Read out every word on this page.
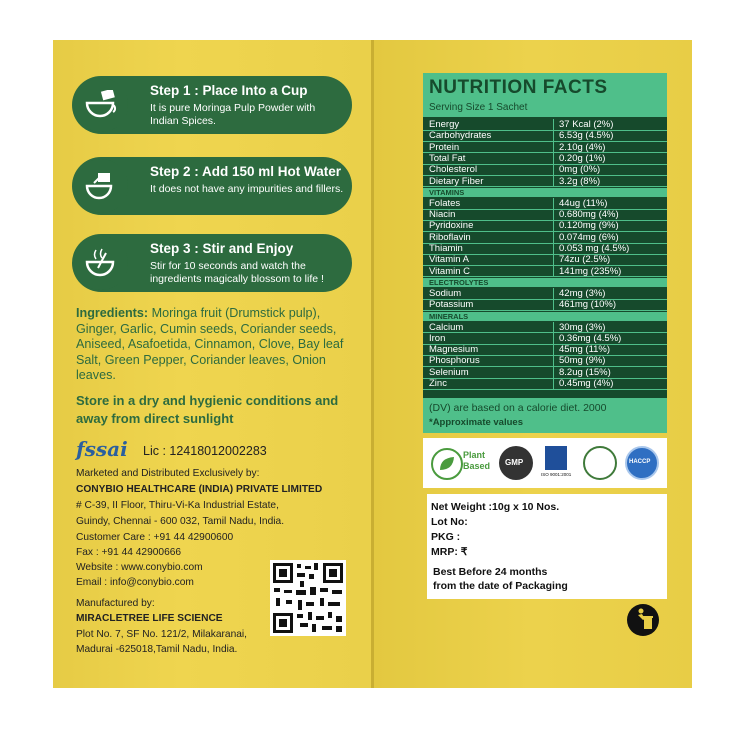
Step 1 : Place Into a Cup
It is pure Moringa Pulp Powder with Indian Spices.
Step 2 : Add 150 ml Hot Water
It does not have any impurities and fillers.
Step 3 : Stir and Enjoy
Stir for 10 seconds and watch the ingredients magically blossom to life !
Ingredients: Moringa fruit (Drumstick pulp), Ginger, Garlic, Cumin seeds, Coriander seeds, Aniseed, Asafoetida, Cinnamon, Clove, Bay leaf Salt, Green Pepper, Coriander leaves, Onion leaves.
Store in a dry and hygienic conditions and away from direct sunlight
fssai Lic : 12418012002283
Marketed and Distributed Exclusively by:
CONYBIO HEALTHCARE (INDIA) PRIVATE LIMITED
# C-39, II Floor, Thiru-Vi-Ka Industrial Estate,
Guindy, Chennai - 600 032, Tamil Nadu, India.
Customer Care : +91 44 42900600
Fax : +91 44 42900666
Website : www.conybio.com
Email : info@conybio.com
Manufactured by:
MIRACLETREE LIFE SCIENCE
Plot No. 7, SF No. 121/2, Milakaranai,
Madurai -625018,Tamil Nadu, India.
NUTRITION FACTS
Serving Size 1 Sachet
Energy	37 Kcal (2%)
Carbohydrates	6.53g (4.5%)
Protein	2.10g (4%)
Total Fat	0.20g (1%)
Cholesterol	0mg (0%)
Dietary Fiber	3.2g (8%)
VITAMINS
Folates	44ug (11%)
Niacin	0.680mg (4%)
Pyridoxine	0.120mg (9%)
Riboflavin	0.074mg (6%)
Thiamin	0.053 mg (4.5%)
Vitamin A	74zu (2.5%)
Vitamin C	141mg (235%)
ELECTROLYTES
Sodium	42mg (3%)
Potassium	461mg (10%)
MINERALS
Calcium	30mg (3%)
Iron	0.36mg (4.5%)
Magnesium	45mg (11%)
Phosphorus	50mg (9%)
Selenium	8.2ug (15%)
Zinc	0.45mg (4%)
(DV) are based on a calorie diet. 2000
*Approximate values
Plant Based	GMP
ISO 9001:2001
HACCP
Net Weight :10g x 10 Nos.
Lot No:
PKG :
MRP: ₹
Best Before 24 months
from the date of Packaging
